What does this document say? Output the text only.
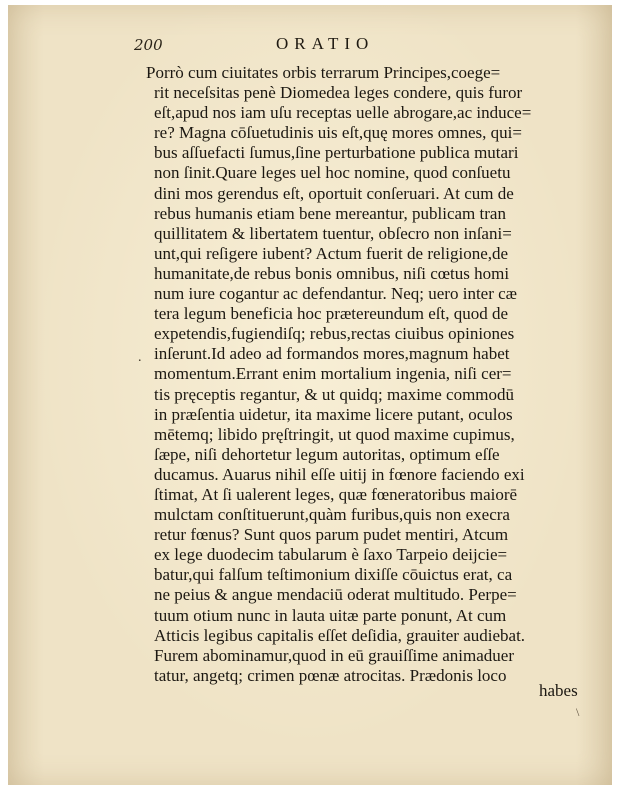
200	ORATIO
Porrò cum ciuitates orbis terrarum Principes,coege=
rit neceſsitas penè Diomedea leges condere, quis furor
eſt,apud nos iam uſu receptas uelle abrogare,ac induce=
re? Magna cōſuetudinis uis eſt,quę mores omnes, qui=
bus aſſuefacti ſumus,ſine perturbatione publica mutari
non ſinit.Quare leges uel hoc nomine, quod conſuetu
dini mos gerendus eſt, oportuit conſeruari. At cum de
rebus humanis etiam bene mereantur, publicam tran
quillitatem & libertatem tuentur, obſecro non inſani=
unt,qui reſigere iubent? Actum fuerit de religione,de
humanitate,de rebus bonis omnibus, niſi cœtus homi
num iure cogantur ac defendantur. Neq; uero inter cæ
tera legum beneficia hoc prætereundum eſt, quod de
expetendis,fugiendiſq; rebus,rectas ciuibus opiniones
inſerunt.Id adeo ad formandos mores,magnum habet
momentum.Errant enim mortalium ingenia, niſi cer=
tis pręceptis regantur, & ut quidq; maxime commodū
in præſentia uidetur, ita maxime licere putant, oculos
mētemq; libido pręſtringit, ut quod maxime cupimus,
ſæpe, niſi dehortetur legum autoritas, optimum eſſe
ducamus. Auarus nihil eſſe uitij in fœnore faciendo exi
ſtimat, At ſi ualerent leges, quæ fœneratoribus maiorē
mulctam conſtituerunt,quàm furibus,quis non execra
retur fœnus? Sunt quos parum pudet mentiri, Atcum
ex lege duodecim tabularum è ſaxo Tarpeio deijcie=
batur,qui falſum teſtimonium dixiſſe cōuictus erat, ca
ne peius & angue mendaciū oderat multitudo. Perpe=
tuum otium nunc in lauta uitæ parte ponunt, At cum
Atticis legibus capitalis eſſet deſidia, grauiter audiebat.
Furem abominamur,quod in eū grauiſſime animaduer
tatur, angetq; crimen pœnæ atrocitas. Prædonis loco
.
habes
\
